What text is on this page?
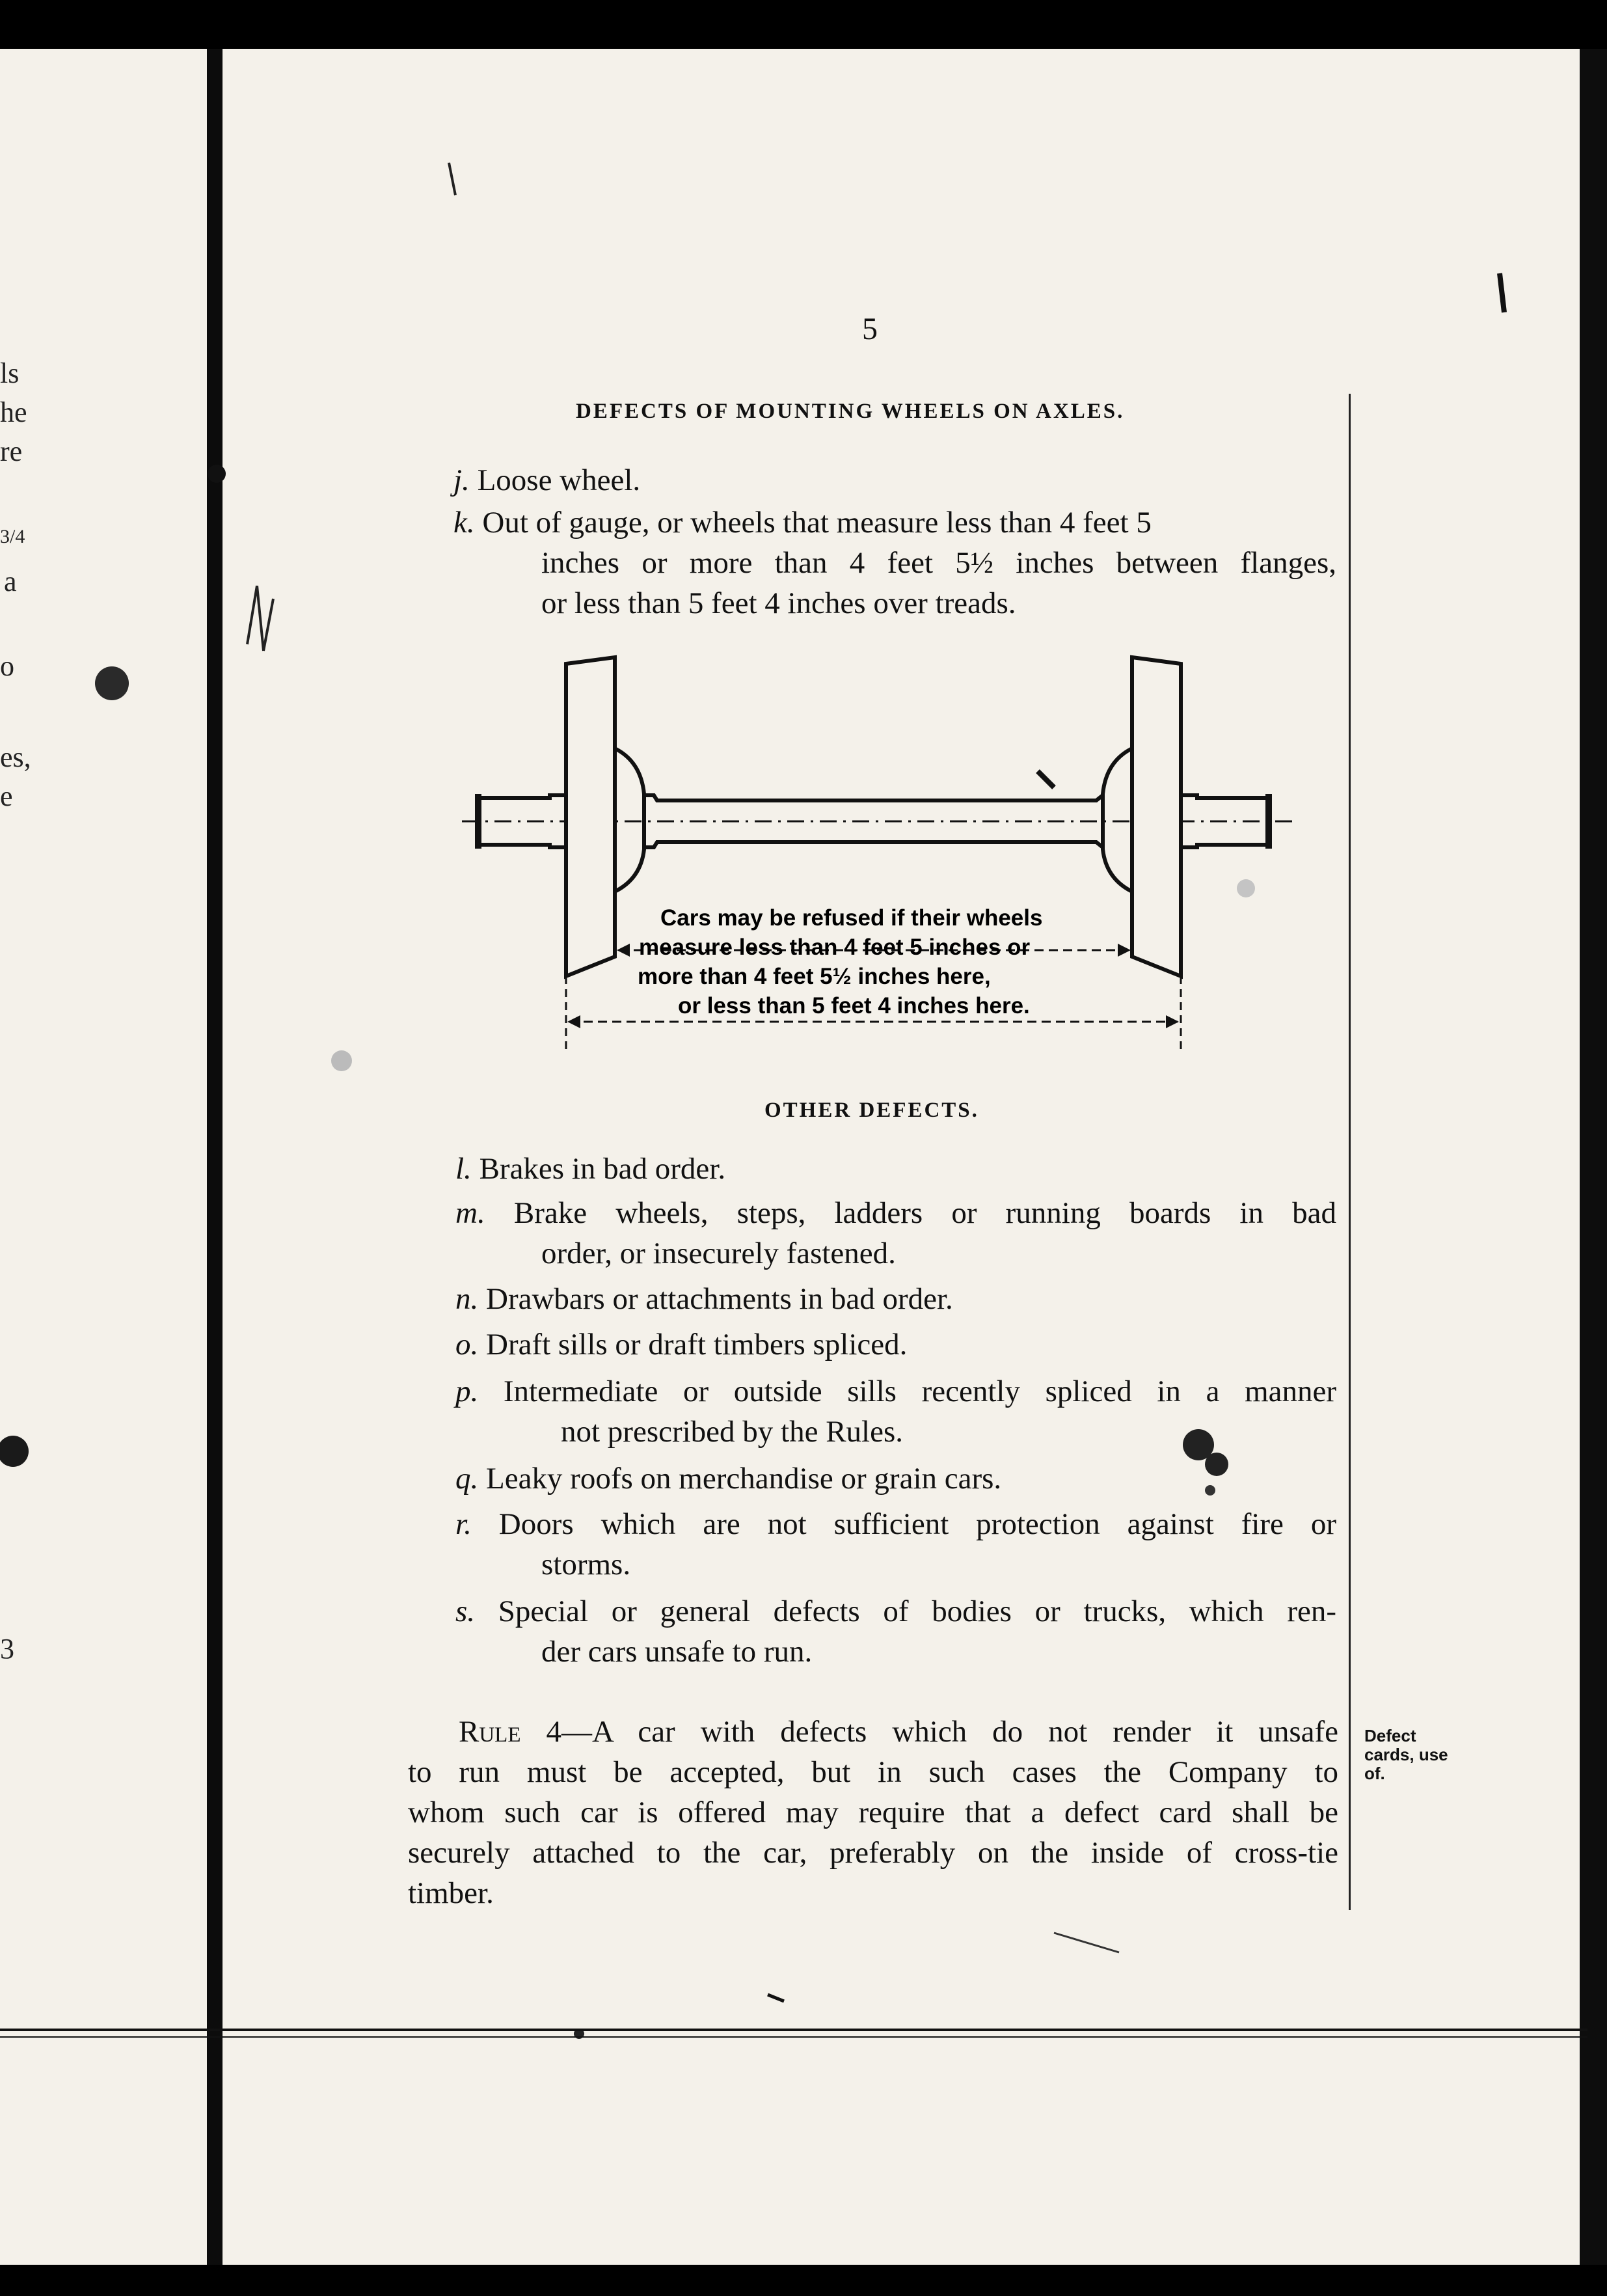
ls
he
re
3/4
a
o
es,
e
3
5
DEFECTS OF MOUNTING WHEELS ON AXLES.
j. Loose wheel.
k. Out of gauge, or wheels that measure less than 4 feet 5
inches or more than 4 feet 5½ inches between flanges,
or less than 5 feet 4 inches over treads.
Cars may be refused if their wheels
measure less than 4 feet 5 inches or
more than 4 feet 5½ inches here,
or less than 5 feet 4 inches here.
OTHER DEFECTS.
l. Brakes in bad order.
m. Brake wheels, steps, ladders or running boards in bad
order, or insecurely fastened.
n. Drawbars or attachments in bad order.
o. Draft sills or draft timbers spliced.
p. Intermediate or outside sills recently spliced in a manner
not prescribed by the Rules.
q. Leaky roofs on merchandise or grain cars.
r. Doors which are not sufficient protection against fire or
storms.
s. Special or general defects of bodies or trucks, which ren-
der cars unsafe to run.
Rule 4—A car with defects which do not render it unsafe
to run must be accepted, but in such cases the Company to
whom such car is offered may require that a defect card shall be
securely attached to the car, preferably on the inside of cross-tie
timber.
Defect
cards, use
of.
